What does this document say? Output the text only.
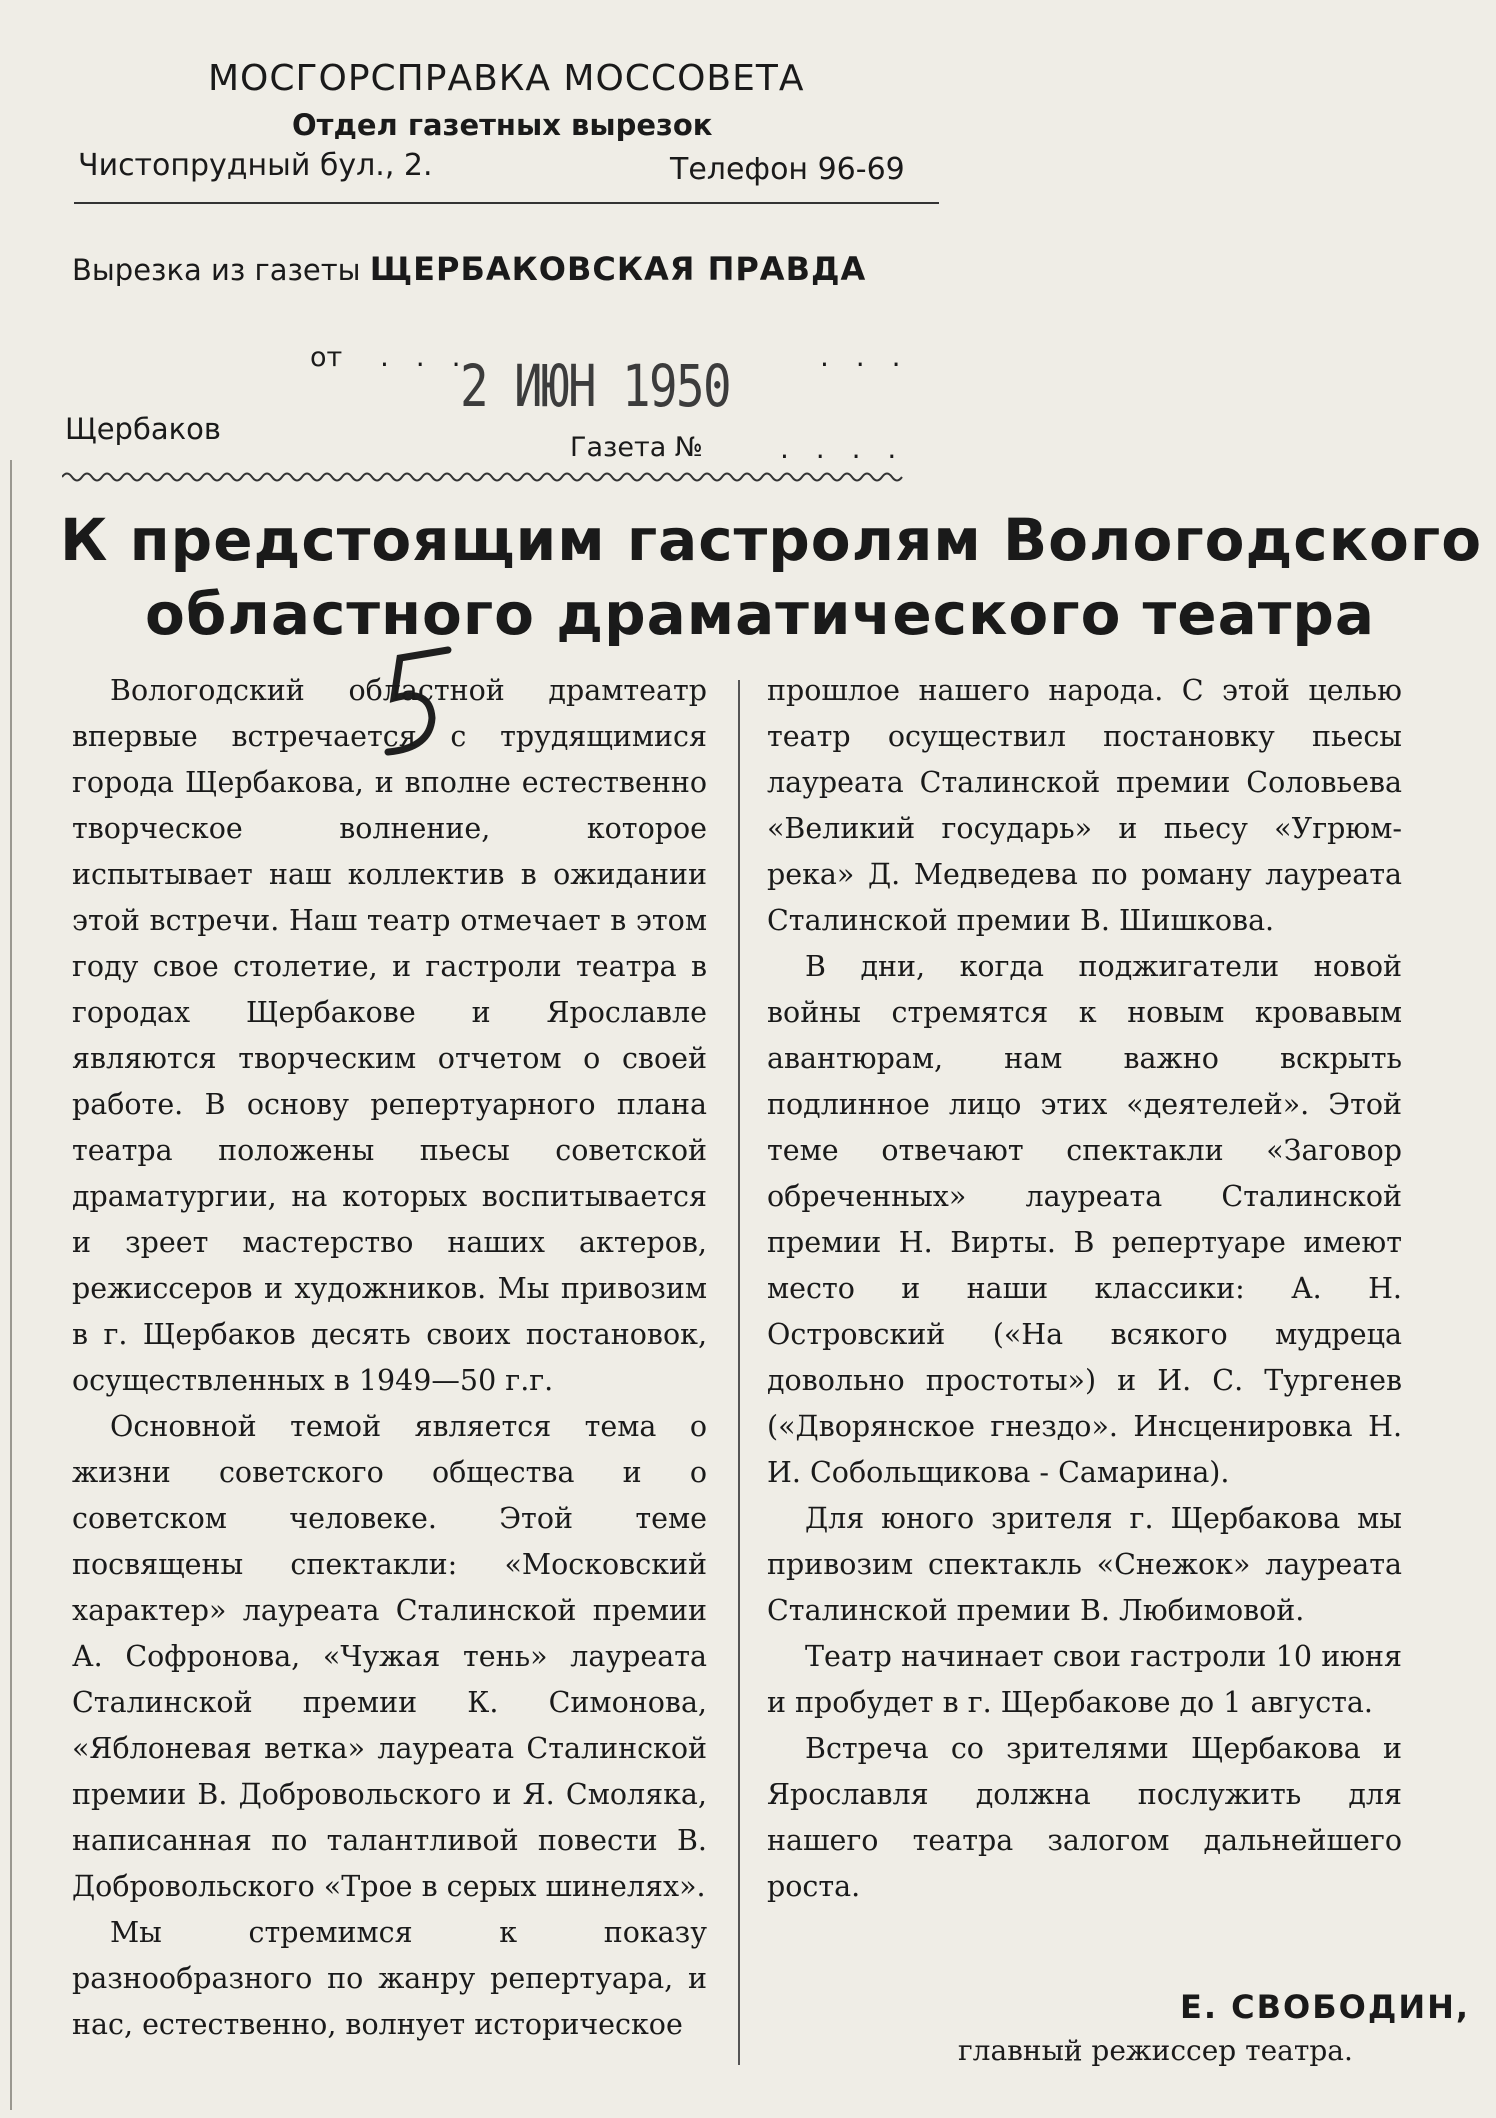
МОСГОРСПРАВКА МОССОВЕТА
Отдел газетных вырезок
Чистопрудный бул., 2.	Телефон 96-69
Вырезка из газеты ЩЕРБАКОВСКАЯ ПРАВДА
от . . .
2 ИЮН 1950	. . .
Щербаков
Газета №	. . . .
К предстоящим гастролям Вологодского
областного драматического театра

Вологодский областной драмтеатр впервые встречается с трудящимися города Щербакова, и вполне естественно творческое волнение, которое испытывает наш коллектив в ожидании этой встречи. Наш театр отмечает в этом году свое столетие, и гастроли театра в городах Щербакове и Ярославле являются творческим отчетом о своей работе. В основу репертуарного плана театра положены пьесы советской драматургии, на которых воспитывается и зреет мастерство наших актеров, режиссеров и художников. Мы привозим в г. Щербаков десять своих постановок, осуществленных в 1949—50 г.г.

Основной темой является тема о жизни советского общества и о советском человеке. Этой теме посвящены спектакли: «Московский характер» лауреата Сталинской премии А. Софронова, «Чужая тень» лауреата Сталинской премии К. Симонова, «Яблоневая ветка» лауреата Сталинской премии В. Добровольского и Я. Смоляка, написанная по талантливой повести В. Добровольского «Трое в серых шинелях».

Мы стремимся к показу разнообразного по жанру репертуара, и нас, естественно, волнует историческое

прошлое нашего народа. С этой целью театр осуществил постановку пьесы лауреата Сталинской премии Соловьева «Великий государь» и пьесу «Угрюм-река» Д. Медведева по роману лауреата Сталинской премии В. Шишкова.

В дни, когда поджигатели новой войны стремятся к новым кровавым авантюрам, нам важно вскрыть подлинное лицо этих «деятелей». Этой теме отвечают спектакли «Заговор обреченных» лауреата Сталинской премии Н. Вирты. В репертуаре имеют место и наши классики: А. Н. Островский («На всякого мудреца довольно простоты») и И. С. Тургенев («Дворянское гнездо». Инсценировка Н. И. Собольщикова - Самарина).

Для юного зрителя г. Щербакова мы привозим спектакль «Снежок» лауреата Сталинской премии В. Любимовой.

Театр начинает свои гастроли 10 июня и пробудет в г. Щербакове до 1 августа.

Встреча со зрителями Щербакова и Ярославля должна послужить для нашего театра залогом дальнейшего роста.

Е. СВОБОДИН,
главный режиссер театра.
